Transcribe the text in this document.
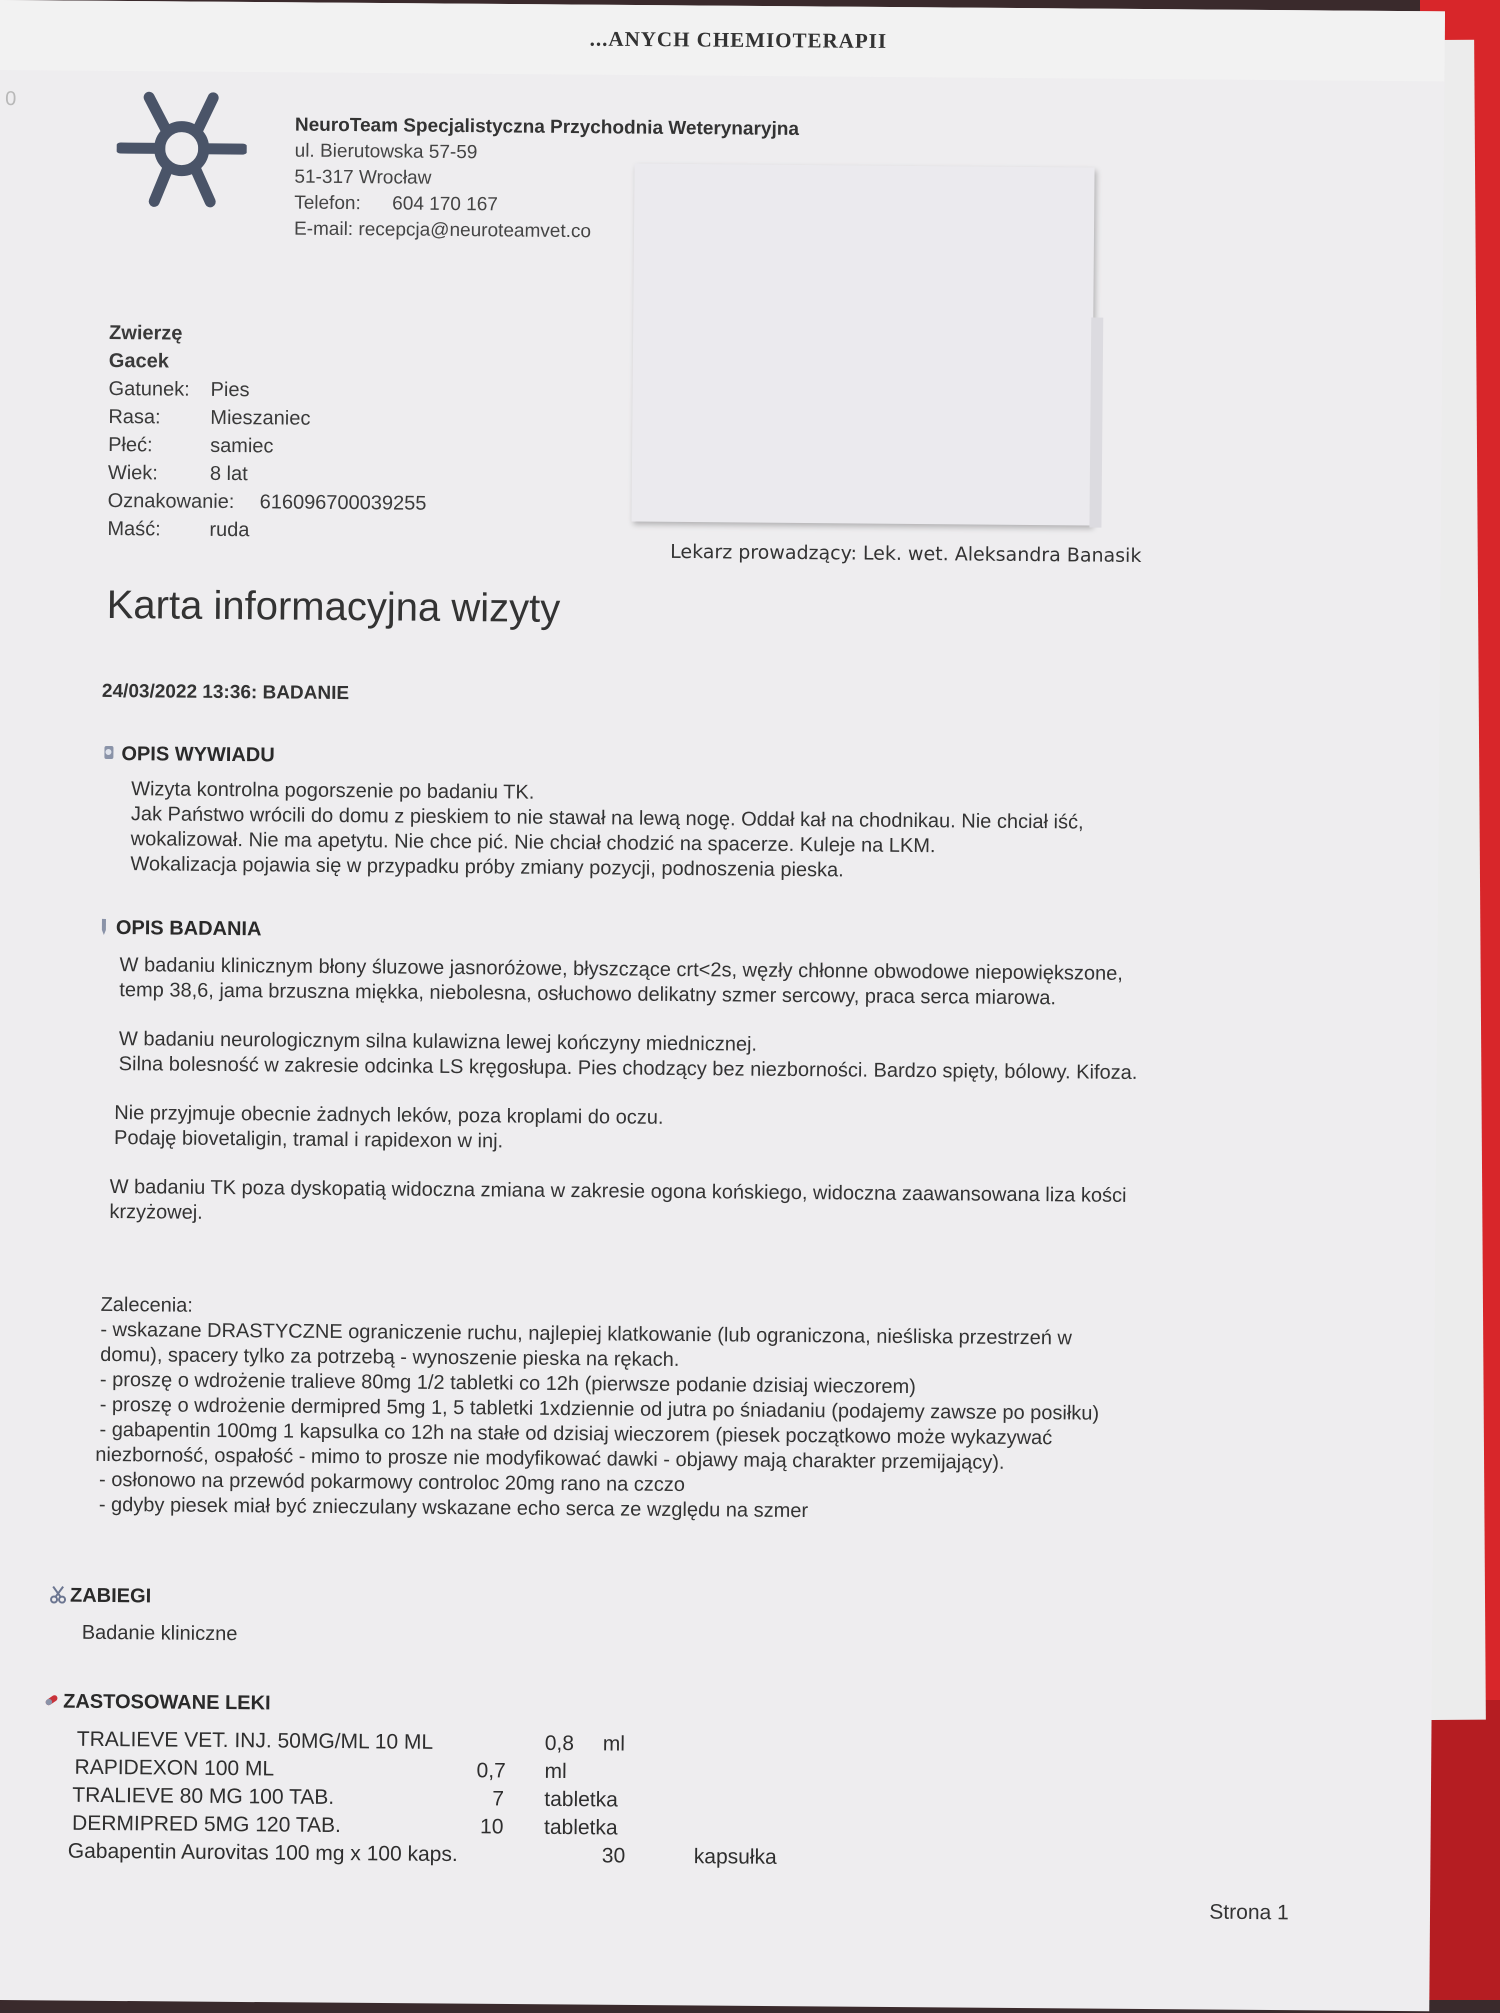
0
...ANYCH CHEMIOTERAPII
NeuroTeam Specjalistyczna Przychodnia Weterynaryjna
ul. Bierutowska 57-59
51-317 Wrocław
Telefon: 604 170 167
E-mail: recepcja@neuroteamvet.co
Zwierzę
Gacek
Gatunek: Pies
Rasa: Mieszaniec
Płeć:	samiec
Wiek:	8 lat
Oznakowanie: 616096700039255
Maść: ruda
Lekarz prowadzący: Lek. wet. Aleksandra Banasik
Karta informacyjna wizyty
24/03/2022 13:36: BADANIE
OPIS WYWIADU

Wizyta kontrolna pogorszenie po badaniu TK.

Jak Państwo wrócili do domu z pieskiem to nie stawał na lewą nogę. Oddał kał na chodnikau. Nie chciał iść,

wokalizował. Nie ma apetytu. Nie chce pić. Nie chciał chodzić na spacerze. Kuleje na LKM.

Wokalizacja pojawia się w przypadku próby zmiany pozycji, podnoszenia pieska.

OPIS BADANIA

W badaniu klinicznym błony śluzowe jasnoróżowe, błyszczące crt<2s, węzły chłonne obwodowe niepowiększone,

temp 38,6, jama brzuszna miękka, niebolesna, osłuchowo delikatny szmer sercowy, praca serca miarowa.

W badaniu neurologicznym silna kulawizna lewej kończyny miednicznej.

Silna bolesność w zakresie odcinka LS kręgosłupa. Pies chodzący bez niezborności. Bardzo spięty, bólowy. Kifoza.

Nie przyjmuje obecnie żadnych leków, poza kroplami do oczu.

Podaję biovetaligin, tramal i rapidexon w inj.

W badaniu TK poza dyskopatią widoczna zmiana w zakresie ogona końskiego, widoczna zaawansowana liza kości

krzyżowej.

Zalecenia:

- wskazane DRASTYCZNE ograniczenie ruchu, najlepiej klatkowanie (lub ograniczona, nieśliska przestrzeń w

domu), spacery tylko za potrzebą - wynoszenie pieska na rękach.

- proszę o wdrożenie tralieve 80mg 1/2 tabletki co 12h (pierwsze podanie dzisiaj wieczorem)

- proszę o wdrożenie dermipred 5mg 1, 5 tabletki 1xdziennie od jutra po śniadaniu (podajemy zawsze po posiłku)

- gabapentin 100mg 1 kapsulka co 12h na stałe od dzisiaj wieczorem (piesek początkowo może wykazywać

niezborność, ospałość - mimo to prosze nie modyfikować dawki - objawy mają charakter przemijający).

- osłonowo na przewód pokarmowy controloc 20mg rano na czczo

- gdyby piesek miał być znieczulany wskazane echo serca ze względu na szmer

ZABIEGI

Badanie kliniczne

ZASTOSOWANE LEKI
TRALIEVE VET. INJ. 50MG/ML 10 ML	0,8 ml
RAPIDEXON 100 ML	0,7 ml
TRALIEVE 80 MG 100 TAB.	7 tabletka
DERMIPRED 5MG 120 TAB.	10 tabletka
Gabapentin Aurovitas 100 mg x 100 kaps.	30	kapsułka
Strona 1
